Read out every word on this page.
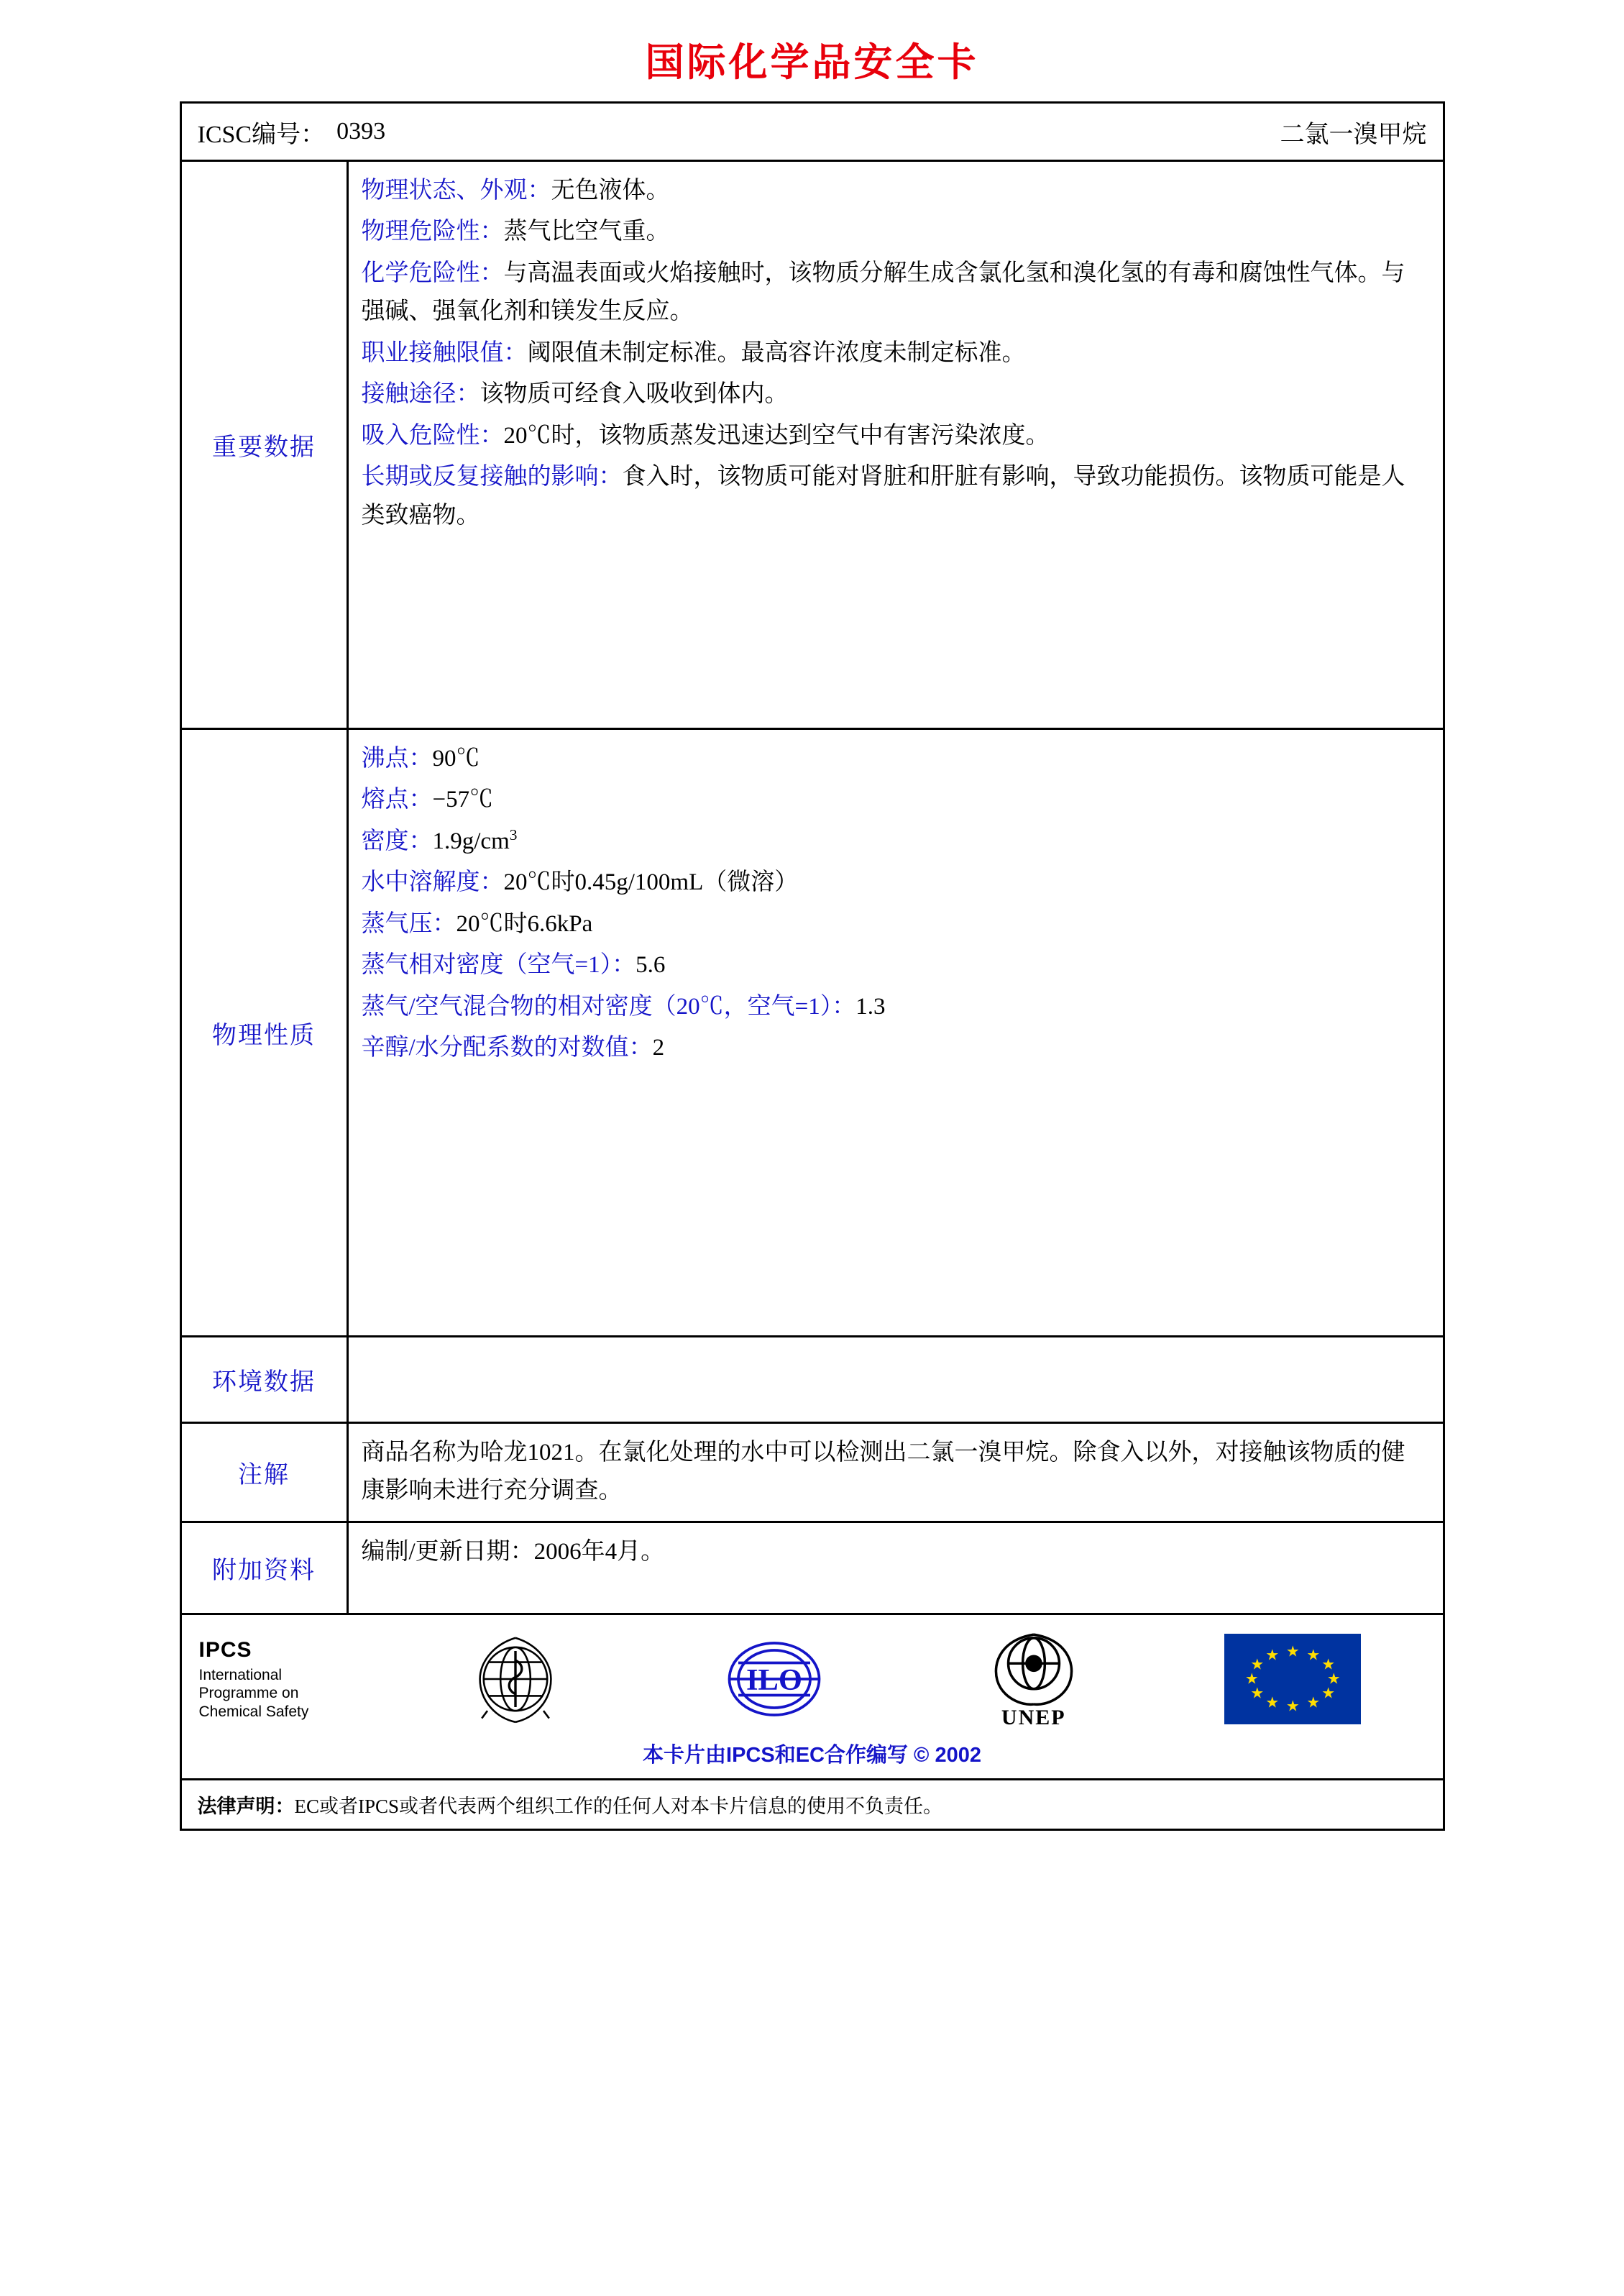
国际化学品安全卡
ICSC编号： 0393	二氯一溴甲烷
重要数据

物理状态、外观：无色液体。

物理危险性：蒸气比空气重。

化学危险性：与高温表面或火焰接触时，该物质分解生成含氯化氢和溴化氢的有毒和腐蚀性气体。与强碱、强氧化剂和镁发生反应。

职业接触限值：阈限值未制定标准。最高容许浓度未制定标准。

接触途径：该物质可经食入吸收到体内。

吸入危险性：20℃时，该物质蒸发迅速达到空气中有害污染浓度。

长期或反复接触的影响：食入时，该物质可能对肾脏和肝脏有影响，导致功能损伤。该物质可能是人类致癌物。

物理性质

沸点：90℃

熔点：−57℃

密度：$1.9g/cm^3$

水中溶解度：20℃时0.45g/100mL（微溶）

蒸气压：20℃时6.6kPa

蒸气相对密度（空气=1）：5.6

蒸气/空气混合物的相对密度（20℃，空气=1）：1.3

辛醇/水分配系数的对数值：2

环境数据
注解
商品名称为哈龙1021。在氯化处理的水中可以检测出二氯一溴甲烷。除食入以外，对接触该物质的健康影响未进行充分调查。
附加资料
编制/更新日期：2006年4月。
IPCS
International
Programme on
Chemical Safety
ILO
UNEP
★ ★
★
★
★
★
★
★
★
★
★
★
本卡片由IPCS和EC合作编写 © 2002
法律声明：EC或者IPCS或者代表两个组织工作的任何人对本卡片信息的使用不负责任。
